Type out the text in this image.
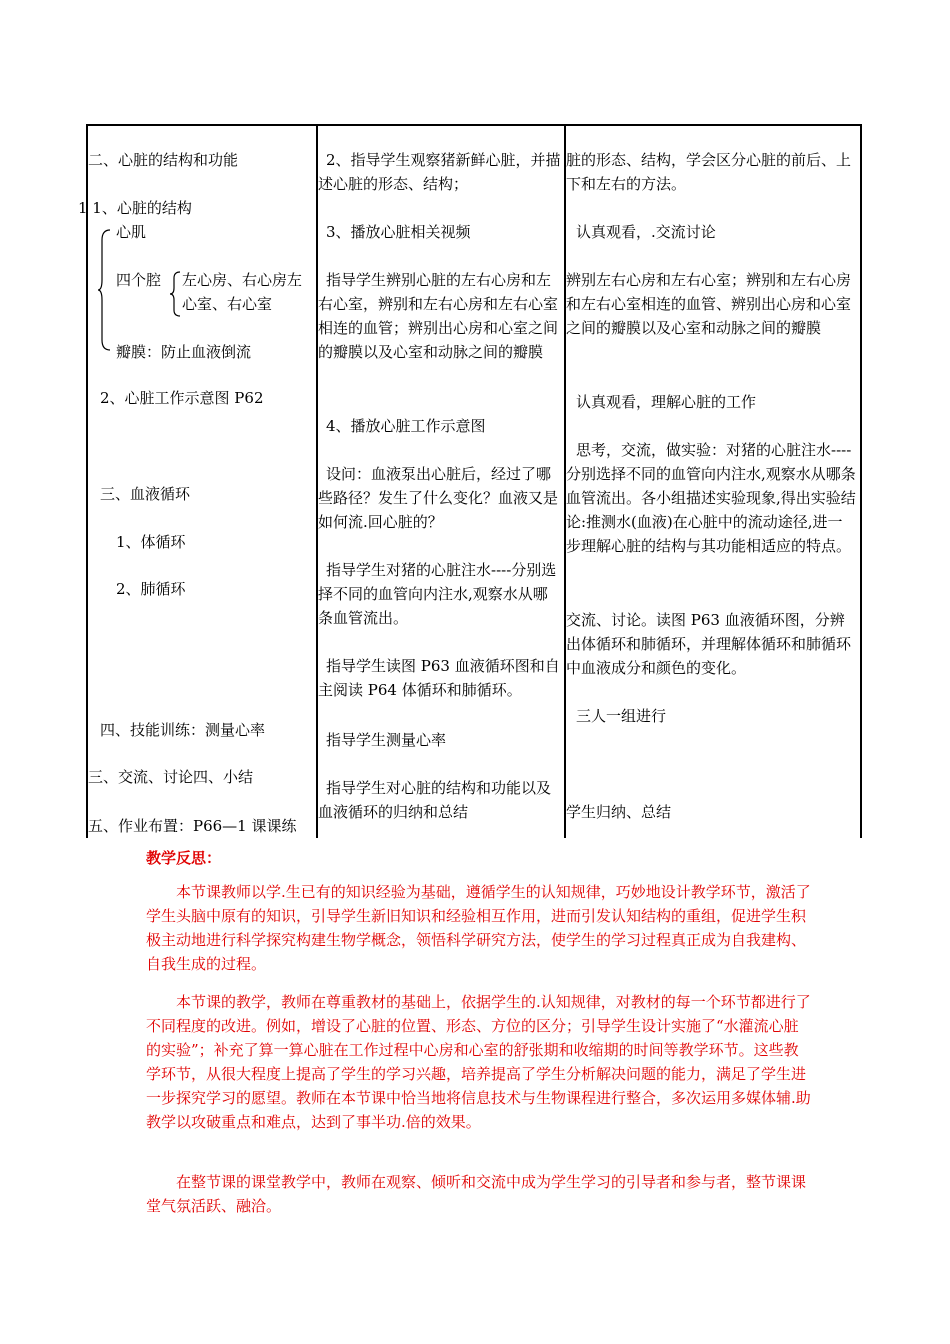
二、心脏的结构和功能
1 1、心脏的结构
心肌
四个腔 左心房、右心房左
心室、右心室
瓣膜：防止血液倒流
2、心脏工作示意图 P62
三、血液循环
1、体循环
2、肺循环
四、技能训练：测量心率
三、交流、讨论四、小结
五、作业布置：P66—1 课课练
2、指导学生观察猪新鲜心脏，并描述心脏的形态、结构；
3、播放心脏相关视频
指导学生辨别心脏的左右心房和左右心室，辨别和左右心房和左右心室相连的血管；辨别出心房和心室之间的瓣膜以及心室和动脉之间的瓣膜
4、播放心脏工作示意图
设问：血液泵出心脏后，经过了哪些路径？发生了什么变化？血液又是如何流.回心脏的？
指导学生对猪的心脏注水----分别选择不同的血管向内注水,观察水从哪条血管流出。
指导学生读图 P63 血液循环图和自主阅读 P64 体循环和肺循环。
指导学生测量心率
指导学生对心脏的结构和功能以及血液循环的归纳和总结
脏的形态、结构，学会区分心脏的前后、上下和左右的方法。
认真观看，.交流讨论
辨别左右心房和左右心室；辨别和左右心房和左右心室相连的血管、辨别出心房和心室之间的瓣膜以及心室和动脉之间的瓣膜
认真观看，理解心脏的工作
思考，交流，做实验：对猪的心脏注水----分别选择不同的血管向内注水,观察水从哪条血管流出。各小组描述实验现象,得出实验结论:推测水(血液)在心脏中的流动途径,进一步理解心脏的结构与其功能相适应的特点。
交流、讨论。读图 P63 血液循环图，分辨出体循环和肺循环，并理解体循环和肺循环中血液成分和颜色的变化。
三人一组进行
学生归纳、总结
教学反思：

本节课教师以学.生已有的知识经验为基础，遵循学生的认知规律，巧妙地设计教学环节，激活了学生头脑中原有的知识，引导学生新旧知识和经验相互作用，进而引发认知结构的重组，促进学生积极主动地进行科学探究构建生物学概念，领悟科学研究方法，使学生的学习过程真正成为自我建构、自我生成的过程。

本节课的教学，教师在尊重教材的基础上，依据学生的.认知规律，对教材的每一个环节都进行了不同程度的改进。例如，增设了心脏的位置、形态、方位的区分；引导学生设计实施了“水灌流心脏的实验”；补充了算一算心脏在工作过程中心房和心室的舒张期和收缩期的时间等教学环节。这些教学环节，从很大程度上提高了学生的学习兴趣，培养提高了学生分析解决问题的能力，满足了学生进一步探究学习的愿望。教师在本节课中恰当地将信息技术与生物课程进行整合，多次运用多媒体辅.助教学以攻破重点和难点，达到了事半功.倍的效果。

在整节课的课堂教学中，教师在观察、倾听和交流中成为学生学习的引导者和参与者，整节课课堂气氛活跃、融洽。
